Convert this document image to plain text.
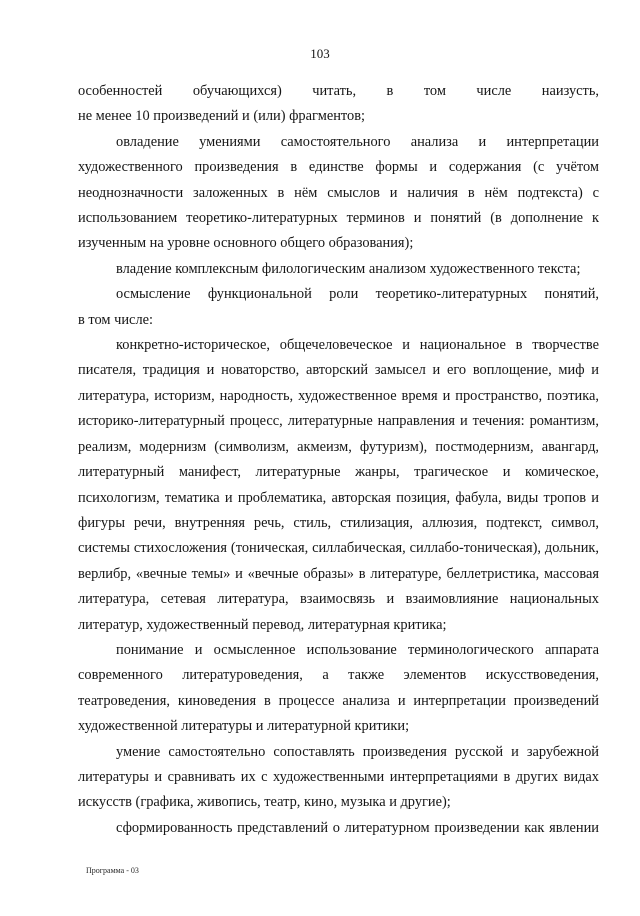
103

особенностей обучающихся) читать, в том числе наизусть,

не менее 10 произведений и (или) фрагментов;

овладение умениями самостоятельного анализа и интерпретации художественного произведения в единстве формы и содержания (с учётом неоднозначности заложенных в нём смыслов и наличия в нём подтекста) с использованием теоретико-литературных терминов и понятий (в дополнение к изученным на уровне основного общего образования);

владение комплексным филологическим анализом художественного текста;

осмысление функциональной роли теоретико-литературных понятий,

в том числе:

конкретно-историческое, общечеловеческое и национальное в творчестве писателя, традиция и новаторство, авторский замысел и его воплощение, миф и литература, историзм, народность, художественное время и пространство, поэтика, историко-литературный процесс, литературные направления и течения: романтизм, реализм, модернизм (символизм, акмеизм, футуризм), постмодернизм, авангард, литературный манифест, литературные жанры, трагическое и комическое, психологизм, тематика и проблематика, авторская позиция, фабула, виды тропов и фигуры речи, внутренняя речь, стиль, стилизация, аллюзия, подтекст, символ, системы стихосложения (тоническая, силлабическая, силлабо-тоническая), дольник, верлибр, «вечные темы» и «вечные образы» в литературе, беллетристика, массовая литература, сетевая литература, взаимосвязь и взаимовлияние национальных литератур, художественный перевод, литературная критика;

понимание и осмысленное использование терминологического аппарата современного литературоведения, а также элементов искусствоведения, театроведения, киноведения в процессе анализа и интерпретации произведений художественной литературы и литературной критики;

умение самостоятельно сопоставлять произведения русской и зарубежной литературы и сравнивать их с художественными интерпретациями в других видах искусств (графика, живопись, театр, кино, музыка и другие);

сформированность представлений о литературном произведении как явлении

Программа - 03
